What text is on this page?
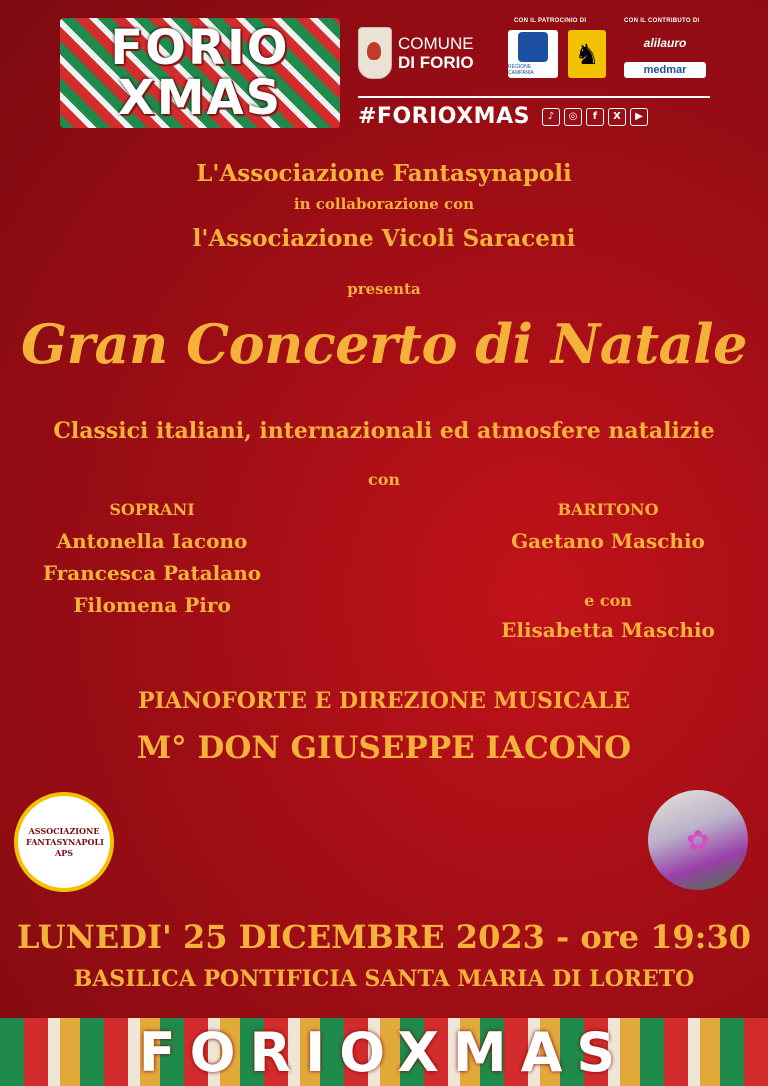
FORIO
XMAS
COMUNE
DI FORIO
CON IL PATROCINIO DI
REGIONE CAMPANIA
♞
CON IL CONTRIBUTO DI
alilauro
medmar
#FORIOXMAS	♪	◎	f	X	▶
L'Associazione Fantasynapoli
in collaborazione con
l'Associazione Vicoli Saraceni
presenta
Gran Concerto di Natale
Classici italiani, internazionali ed atmosfere natalizie
con
SOPRANI
Antonella Iacono
Francesca Patalano
Filomena Piro
BARITONO
Gaetano Maschio
e con
Elisabetta Maschio
PIANOFORTE E DIREZIONE MUSICALE
M° DON GIUSEPPE IACONO
ASSOCIAZIONE FANTASYNAPOLI APS	✿
LUNEDI' 25 DICEMBRE 2023 - ore 19:30
BASILICA PONTIFICIA SANTA MARIA DI LORETO
FORIOXMAS
